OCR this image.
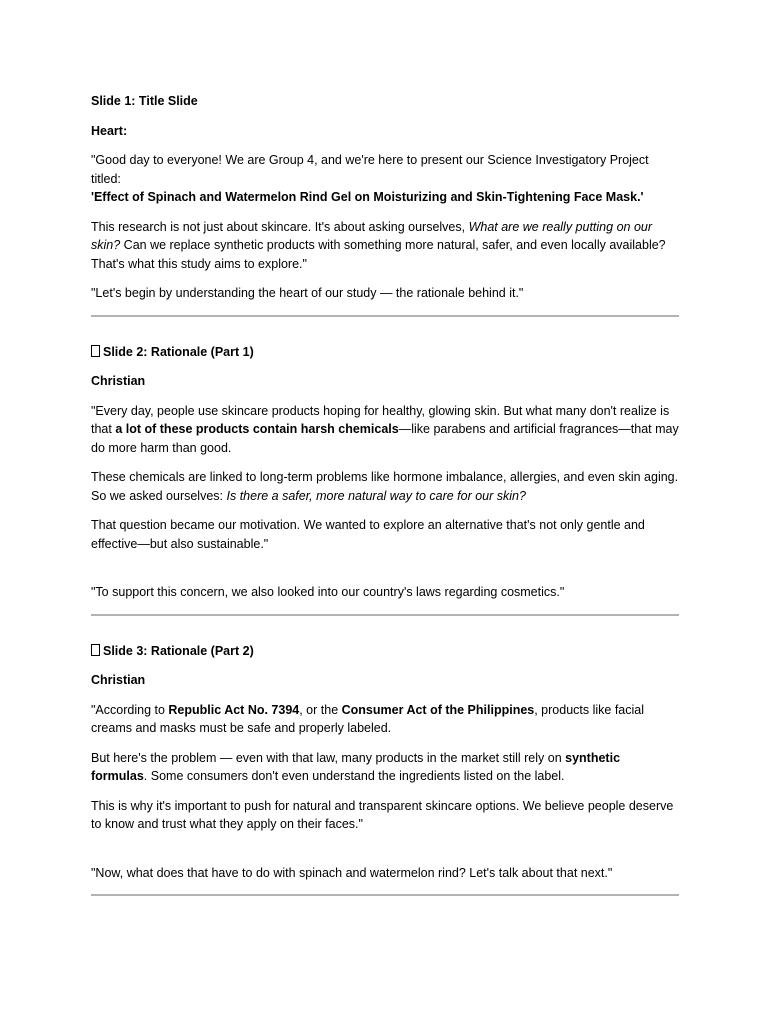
Slide 1: Title Slide

Heart:

"Good day to everyone! We are Group 4, and we're here to present our Science Investigatory Project titled:
'Effect of Spinach and Watermelon Rind Gel on Moisturizing and Skin-Tightening Face Mask.'

This research is not just about skincare. It's about asking ourselves, What are we really putting on our skin? Can we replace synthetic products with something more natural, safer, and even locally available? That's what this study aims to explore."

"Let's begin by understanding the heart of our study — the rationale behind it."

Slide 2: Rationale (Part 1)

Christian

"Every day, people use skincare products hoping for healthy, glowing skin. But what many don't realize is that a lot of these products contain harsh chemicals—like parabens and artificial fragrances—that may do more harm than good.

These chemicals are linked to long-term problems like hormone imbalance, allergies, and even skin aging. So we asked ourselves: Is there a safer, more natural way to care for our skin?

That question became our motivation. We wanted to explore an alternative that's not only gentle and effective—but also sustainable."

"To support this concern, we also looked into our country's laws regarding cosmetics."

Slide 3: Rationale (Part 2)

Christian

"According to Republic Act No. 7394, or the Consumer Act of the Philippines, products like facial creams and masks must be safe and properly labeled.

But here's the problem — even with that law, many products in the market still rely on synthetic formulas. Some consumers don't even understand the ingredients listed on the label.

This is why it's important to push for natural and transparent skincare options. We believe people deserve to know and trust what they apply on their faces."

"Now, what does that have to do with spinach and watermelon rind? Let's talk about that next."
